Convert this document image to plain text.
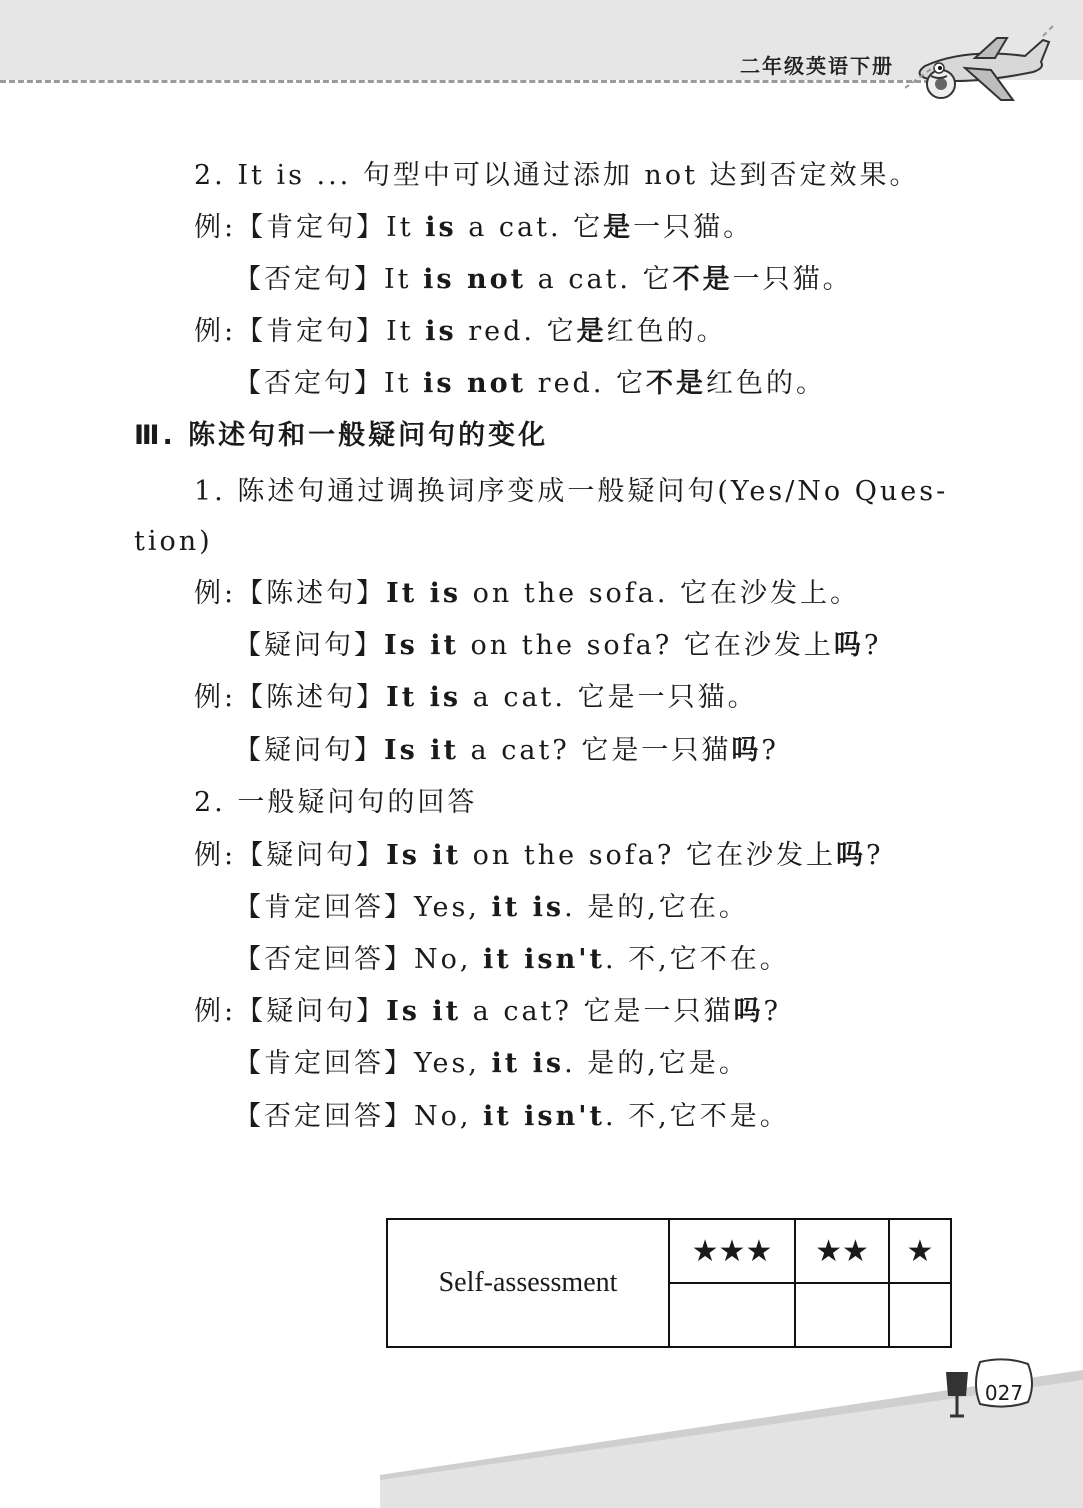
二年级英语下册
2. It is ... 句型中可以通过添加 not 达到否定效果。
例:【肯定句】It is a cat. 它是一只猫。
【否定句】It is not a cat. 它不是一只猫。
例:【肯定句】It is red. 它是红色的。
【否定句】It is not red. 它不是红色的。
Ⅲ. 陈述句和一般疑问句的变化
1. 陈述句通过调换词序变成一般疑问句(Yes/No Ques-
tion)
例:【陈述句】It is on the sofa. 它在沙发上。
【疑问句】Is it on the sofa? 它在沙发上吗?
例:【陈述句】It is a cat. 它是一只猫。
【疑问句】Is it a cat? 它是一只猫吗?
2. 一般疑问句的回答
例:【疑问句】Is it on the sofa? 它在沙发上吗?
【肯定回答】Yes, it is. 是的,它在。
【否定回答】No, it isn't. 不,它不在。
例:【疑问句】Is it a cat? 它是一只猫吗?
【肯定回答】Yes, it is. 是的,它是。
【否定回答】No, it isn't. 不,它不是。
Self-assessment	★★★	★★	★

027
